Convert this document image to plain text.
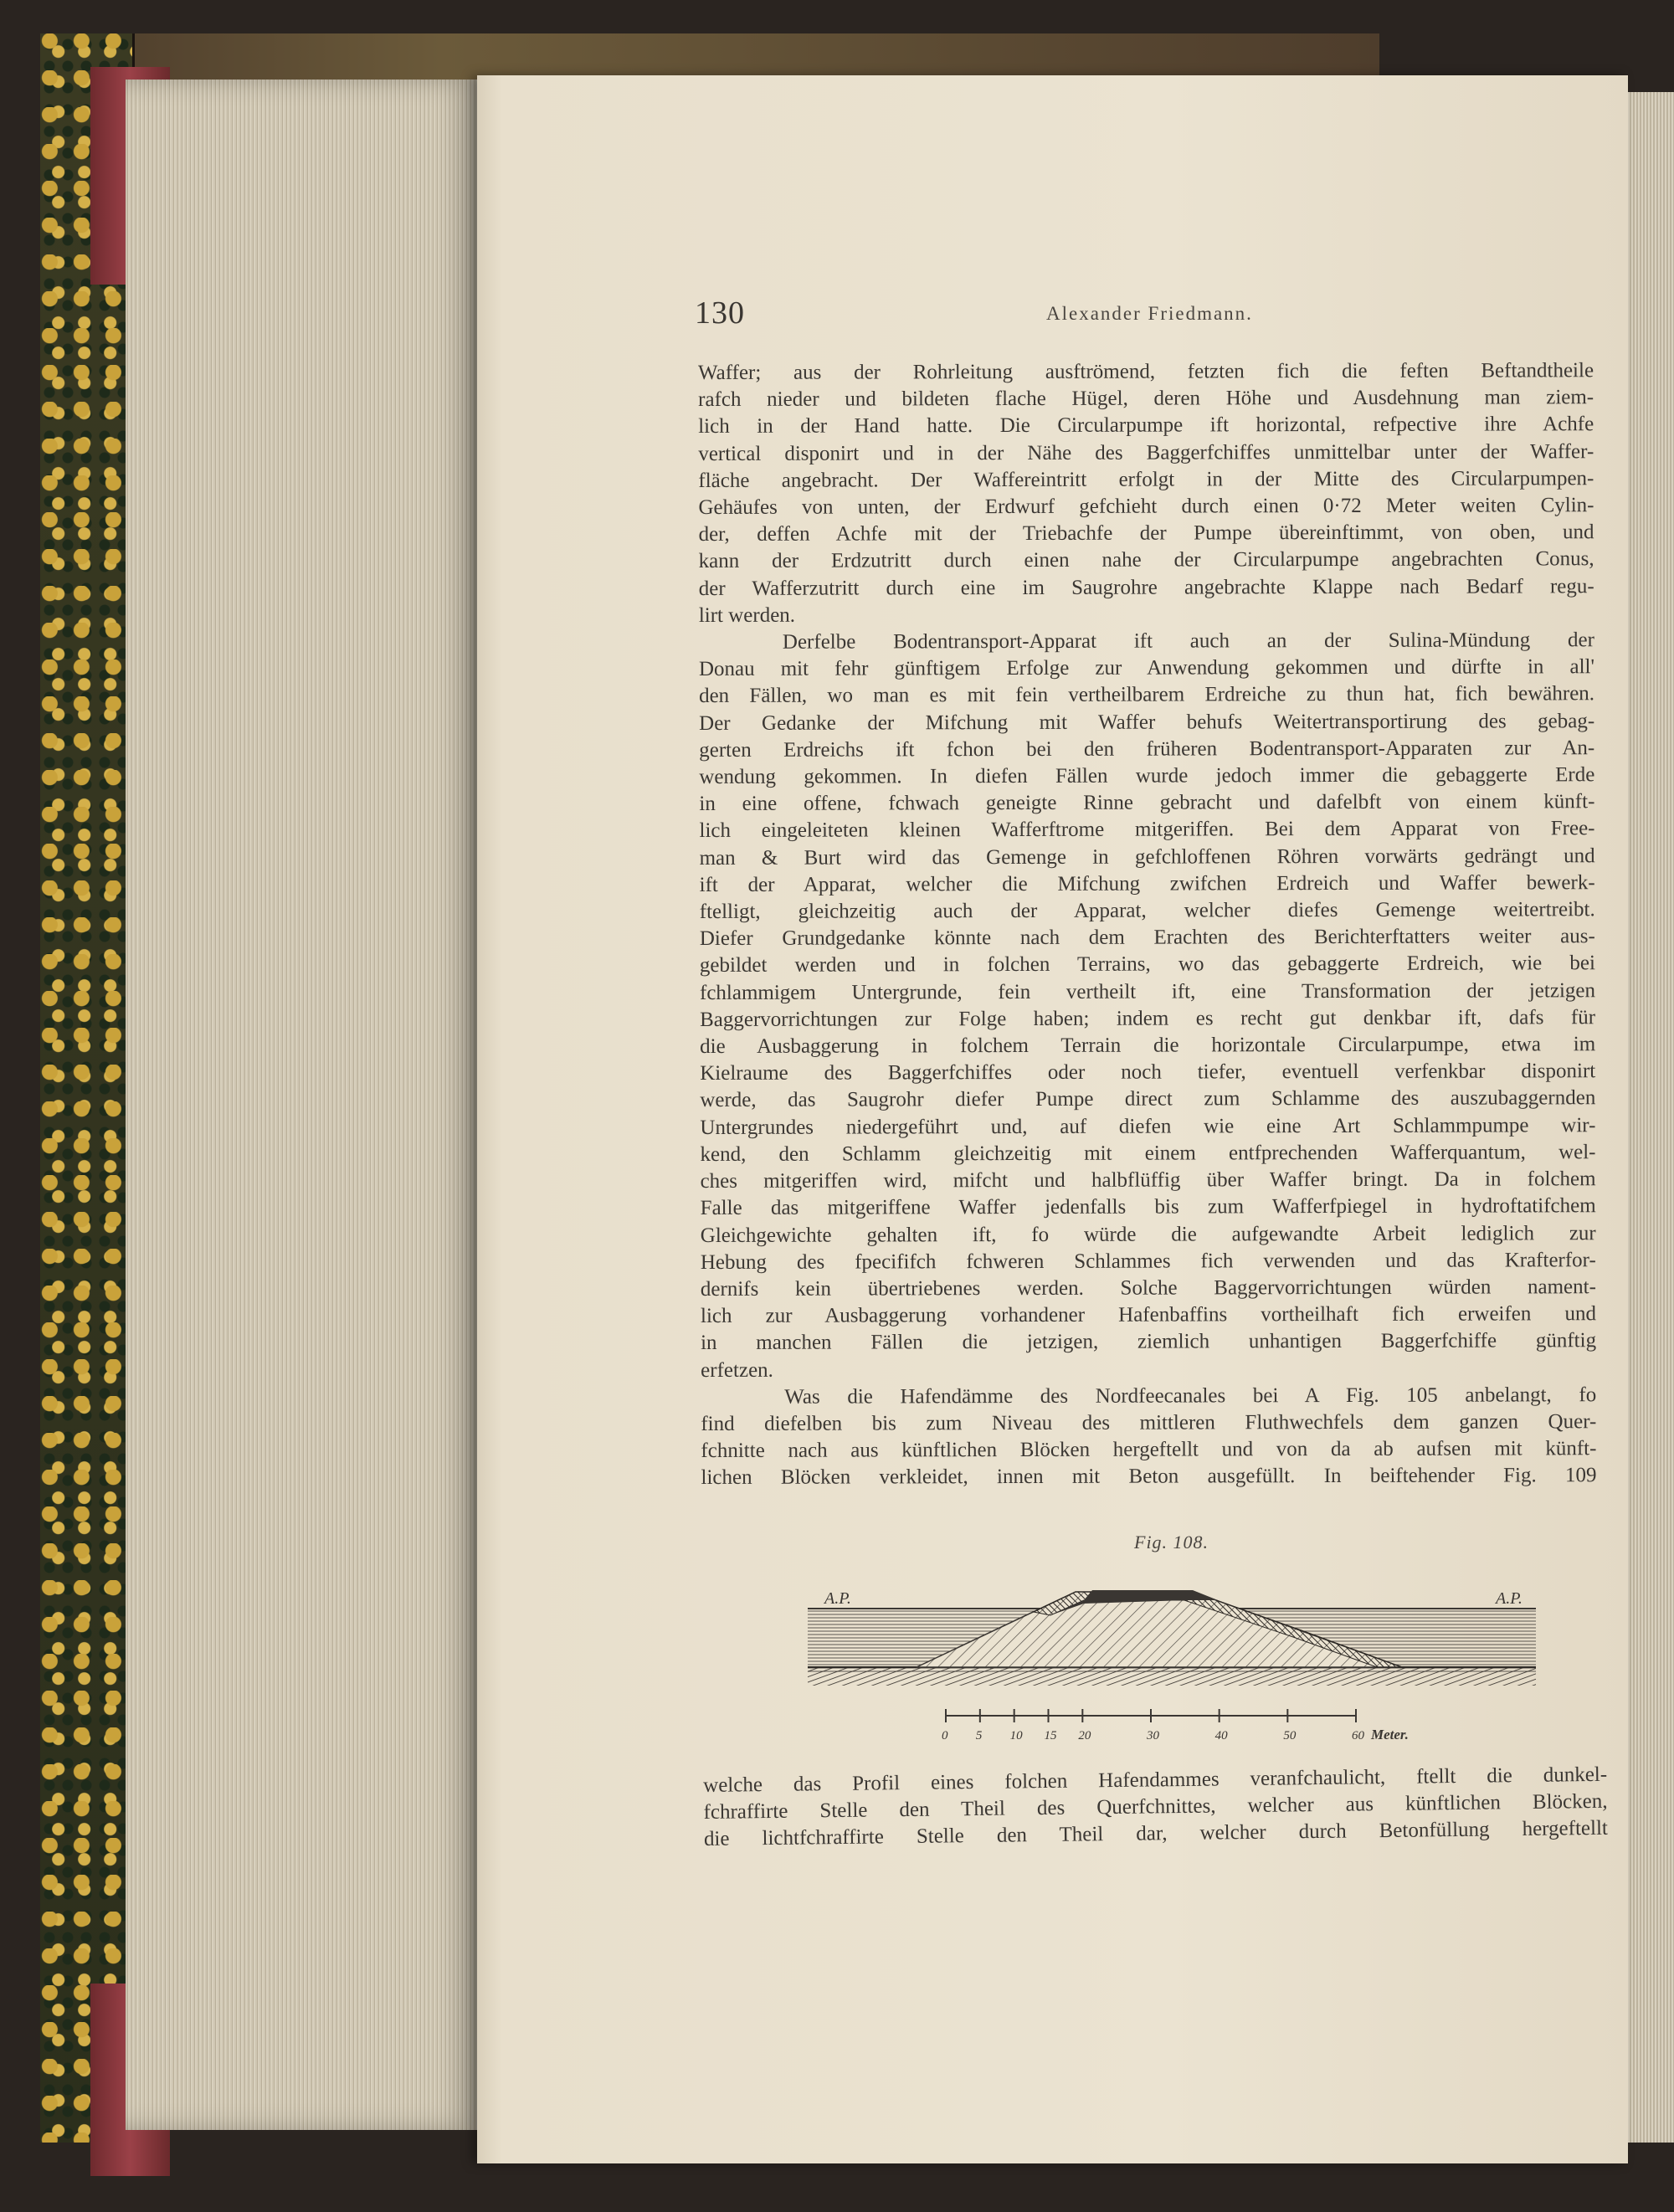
130	Alexander Friedmann.

Waffer; aus der Rohrleitung ausftrömend, fetzten fich die feften Beftandtheile

rafch nieder und bildeten flache Hügel, deren Höhe und Ausdehnung man ziem-

lich in der Hand hatte. Die Circularpumpe ift horizontal, refpective ihre Achfe

vertical disponirt und in der Nähe des Baggerfchiffes unmittelbar unter der Waffer-

fläche angebracht. Der Waffereintritt erfolgt in der Mitte des Circularpumpen-

Gehäufes von unten, der Erdwurf gefchieht durch einen 0·72 Meter weiten Cylin-

der, deffen Achfe mit der Triebachfe der Pumpe übereinftimmt, von oben, und

kann der Erdzutritt durch einen nahe der Circularpumpe angebrachten Conus,

der Wafferzutritt durch eine im Saugrohre angebrachte Klappe nach Bedarf regu-

lirt werden.

Derfelbe Bodentransport-Apparat ift auch an der Sulina-Mündung der

Donau mit fehr günftigem Erfolge zur Anwendung gekommen und dürfte in all'

den Fällen, wo man es mit fein vertheilbarem Erdreiche zu thun hat, fich bewähren.

Der Gedanke der Mifchung mit Waffer behufs Weitertransportirung des gebag-

gerten Erdreichs ift fchon bei den früheren Bodentransport-Apparaten zur An-

wendung gekommen. In diefen Fällen wurde jedoch immer die gebaggerte Erde

in eine offene, fchwach geneigte Rinne gebracht und dafelbft von einem künft-

lich eingeleiteten kleinen Wafferftrome mitgeriffen. Bei dem Apparat von Free-

man & Burt wird das Gemenge in gefchloffenen Röhren vorwärts gedrängt und

ift der Apparat, welcher die Mifchung zwifchen Erdreich und Waffer bewerk-

ftelligt, gleichzeitig auch der Apparat, welcher diefes Gemenge weitertreibt.

Diefer Grundgedanke könnte nach dem Erachten des Berichterftatters weiter aus-

gebildet werden und in folchen Terrains, wo das gebaggerte Erdreich, wie bei

fchlammigem Untergrunde, fein vertheilt ift, eine Transformation der jetzigen

Baggervorrichtungen zur Folge haben; indem es recht gut denkbar ift, dafs für

die Ausbaggerung in folchem Terrain die horizontale Circularpumpe, etwa im

Kielraume des Baggerfchiffes oder noch tiefer, eventuell verfenkbar disponirt

werde, das Saugrohr diefer Pumpe direct zum Schlamme des auszubaggernden

Untergrundes niedergeführt und, auf diefen wie eine Art Schlammpumpe wir-

kend, den Schlamm gleichzeitig mit einem entfprechenden Wafferquantum, wel-

ches mitgeriffen wird, mifcht und halbflüffig über Waffer bringt. Da in folchem

Falle das mitgeriffene Waffer jedenfalls bis zum Wafferfpiegel in hydroftatifchem

Gleichgewichte gehalten ift, fo würde die aufgewandte Arbeit lediglich zur

Hebung des fpecififch fchweren Schlammes fich verwenden und das Krafterfor-

dernifs kein übertriebenes werden. Solche Baggervorrichtungen würden nament-

lich zur Ausbaggerung vorhandener Hafenbaffins vortheilhaft fich erweifen und

in manchen Fällen die jetzigen, ziemlich unhantigen Baggerfchiffe günftig

erfetzen.

Was die Hafendämme des Nordfeecanales bei A Fig. 105 anbelangt, fo

find diefelben bis zum Niveau des mittleren Fluthwechfels dem ganzen Quer-

fchnitte nach aus künftlichen Blöcken hergeftellt und von da ab aufsen mit künft-

lichen Blöcken verkleidet, innen mit Beton ausgefüllt. In beiftehender Fig. 109

Fig. 108.
A.P.	A.P.
0 5 10 15 20	30	40	50	60 Meter.

welche das Profil eines folchen Hafendammes veranfchaulicht, ftellt die dunkel-

fchraffirte Stelle den Theil des Querfchnittes, welcher aus künftlichen Blöcken,

die lichtfchraffirte Stelle den Theil dar, welcher durch Betonfüllung hergeftellt
